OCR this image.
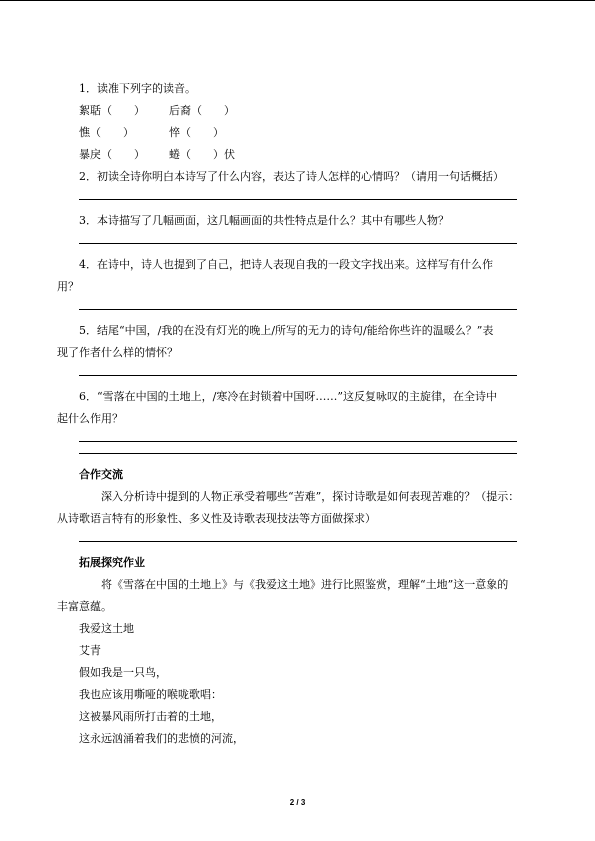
1．读准下列字的读音。
絮聒（　　） 后裔（　　）
憔（　　）	悴（　　）
暴戾（　　） 蜷（　　）伏
2．初读全诗你明白本诗写了什么内容，表达了诗人怎样的心情吗？（请用一句话概括）
3．本诗描写了几幅画面，这几幅画面的共性特点是什么？其中有哪些人物？
4．在诗中，诗人也提到了自己，把诗人表现自我的一段文字找出来。这样写有什么作
用？
5．结尾“中国，/我的在没有灯光的晚上/所写的无力的诗句/能给你些许的温暖么？”表
现了作者什么样的情怀？
6．“雪落在中国的土地上，/寒冷在封锁着中国呀……”这反复咏叹的主旋律，在全诗中
起什么作用？
合作交流
深入分析诗中提到的人物正承受着哪些“苦难”，探讨诗歌是如何表现苦难的？（提示：
从诗歌语言特有的形象性、多义性及诗歌表现技法等方面做探求）
拓展探究作业
将《雪落在中国的土地上》与《我爱这土地》进行比照鉴赏，理解“土地”这一意象的
丰富意蕴。
我爱这土地
艾青
假如我是一只鸟，
我也应该用嘶哑的喉咙歌唱：
这被暴风雨所打击着的土地，
这永远汹涌着我们的悲愤的河流，
2 / 3
